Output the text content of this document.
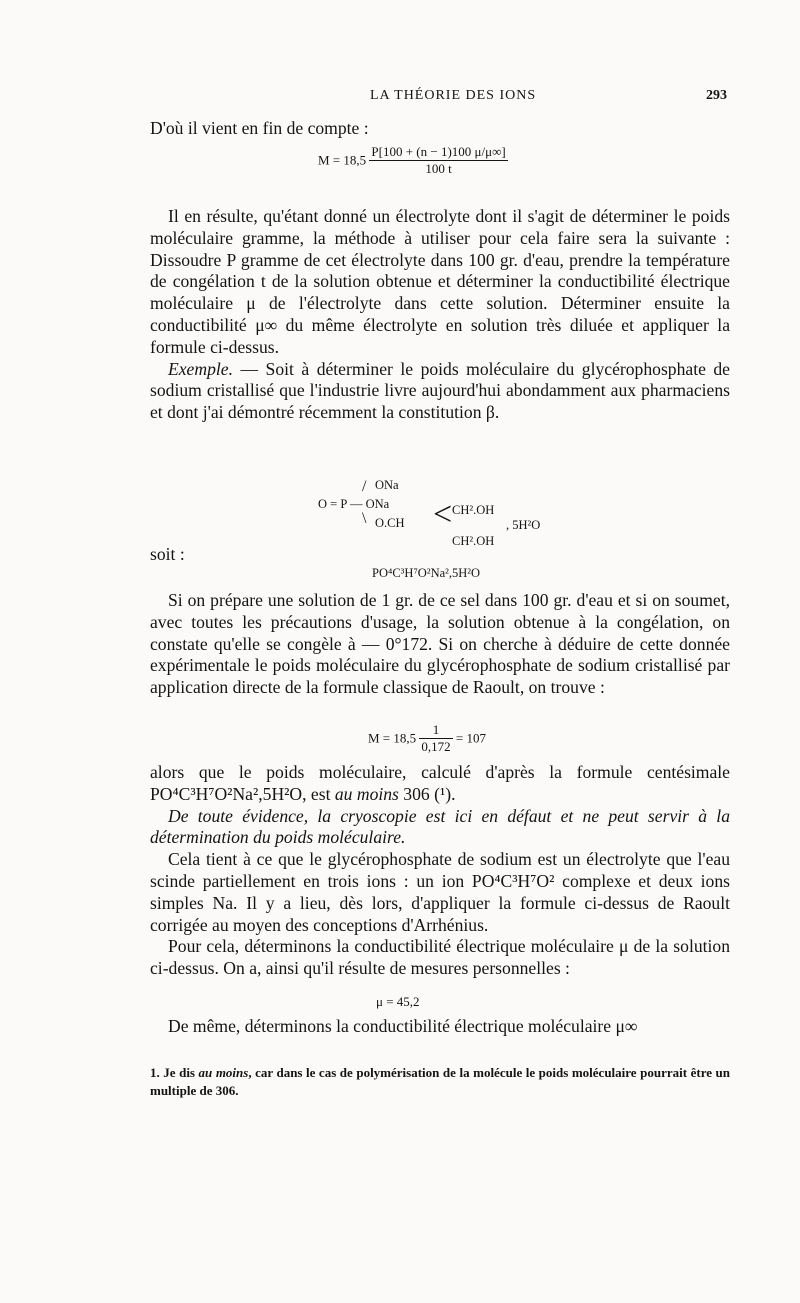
LA THÉORIE DES IONS	293

D'où il vient en fin de compte :

$M = 18,5 \frac{P[100 + (n - 1)100 \mu/\mu\infty]}{100 t}$

Il en résulte, qu'étant donné un électrolyte dont il s'agit de déterminer le poids moléculaire gramme, la méthode à utiliser pour cela faire sera la suivante : Dissoudre P gramme de cet électrolyte dans 100 gr. d'eau, prendre la température de congélation t de la solution obtenue et déterminer la conductibilité électrique moléculaire μ de l'électrolyte dans cette solution. Déterminer ensuite la conductibilité μ∞ du même électrolyte en solution très diluée et appliquer la formule ci-dessus.

Exemple. — Soit à déterminer le poids moléculaire du glycérophosphate de sodium cristallisé que l'industrie livre aujourd'hui abondamment aux pharmaciens et dont j'ai démontré récemment la constitution β.

ONa
/
O = P — ONa
\ O.CH < CH².OH
CH².OH
, 5H²O

soit :

PO⁴C³H⁷O²Na²,5H²O

Si on prépare une solution de 1 gr. de ce sel dans 100 gr. d'eau et si on soumet, avec toutes les précautions d'usage, la solution obtenue à la congélation, on constate qu'elle se congèle à — 0°172. Si on cherche à déduire de cette donnée expérimentale le poids moléculaire du glycérophosphate de sodium cristallisé par application directe de la formule classique de Raoult, on trouve :

$M = 18,5 \frac{1}{0,172} = 107$

alors que le poids moléculaire, calculé d'après la formule centésimale PO⁴C³H⁷O²Na²,5H²O, est au moins 306 (¹).

De toute évidence, la cryoscopie est ici en défaut et ne peut servir à la détermination du poids moléculaire.

Cela tient à ce que le glycérophosphate de sodium est un électrolyte que l'eau scinde partiellement en trois ions : un ion PO⁴C³H⁷O² complexe et deux ions simples Na. Il y a lieu, dès lors, d'appliquer la formule ci-dessus de Raoult corrigée au moyen des conceptions d'Arrhénius.

Pour cela, déterminons la conductibilité électrique moléculaire μ de la solution ci-dessus. On a, ainsi qu'il résulte de mesures personnelles :

μ = 45,2

De même, déterminons la conductibilité électrique moléculaire μ∞

1. Je dis au moins, car dans le cas de polymérisation de la molécule le poids moléculaire pourrait être un multiple de 306.
